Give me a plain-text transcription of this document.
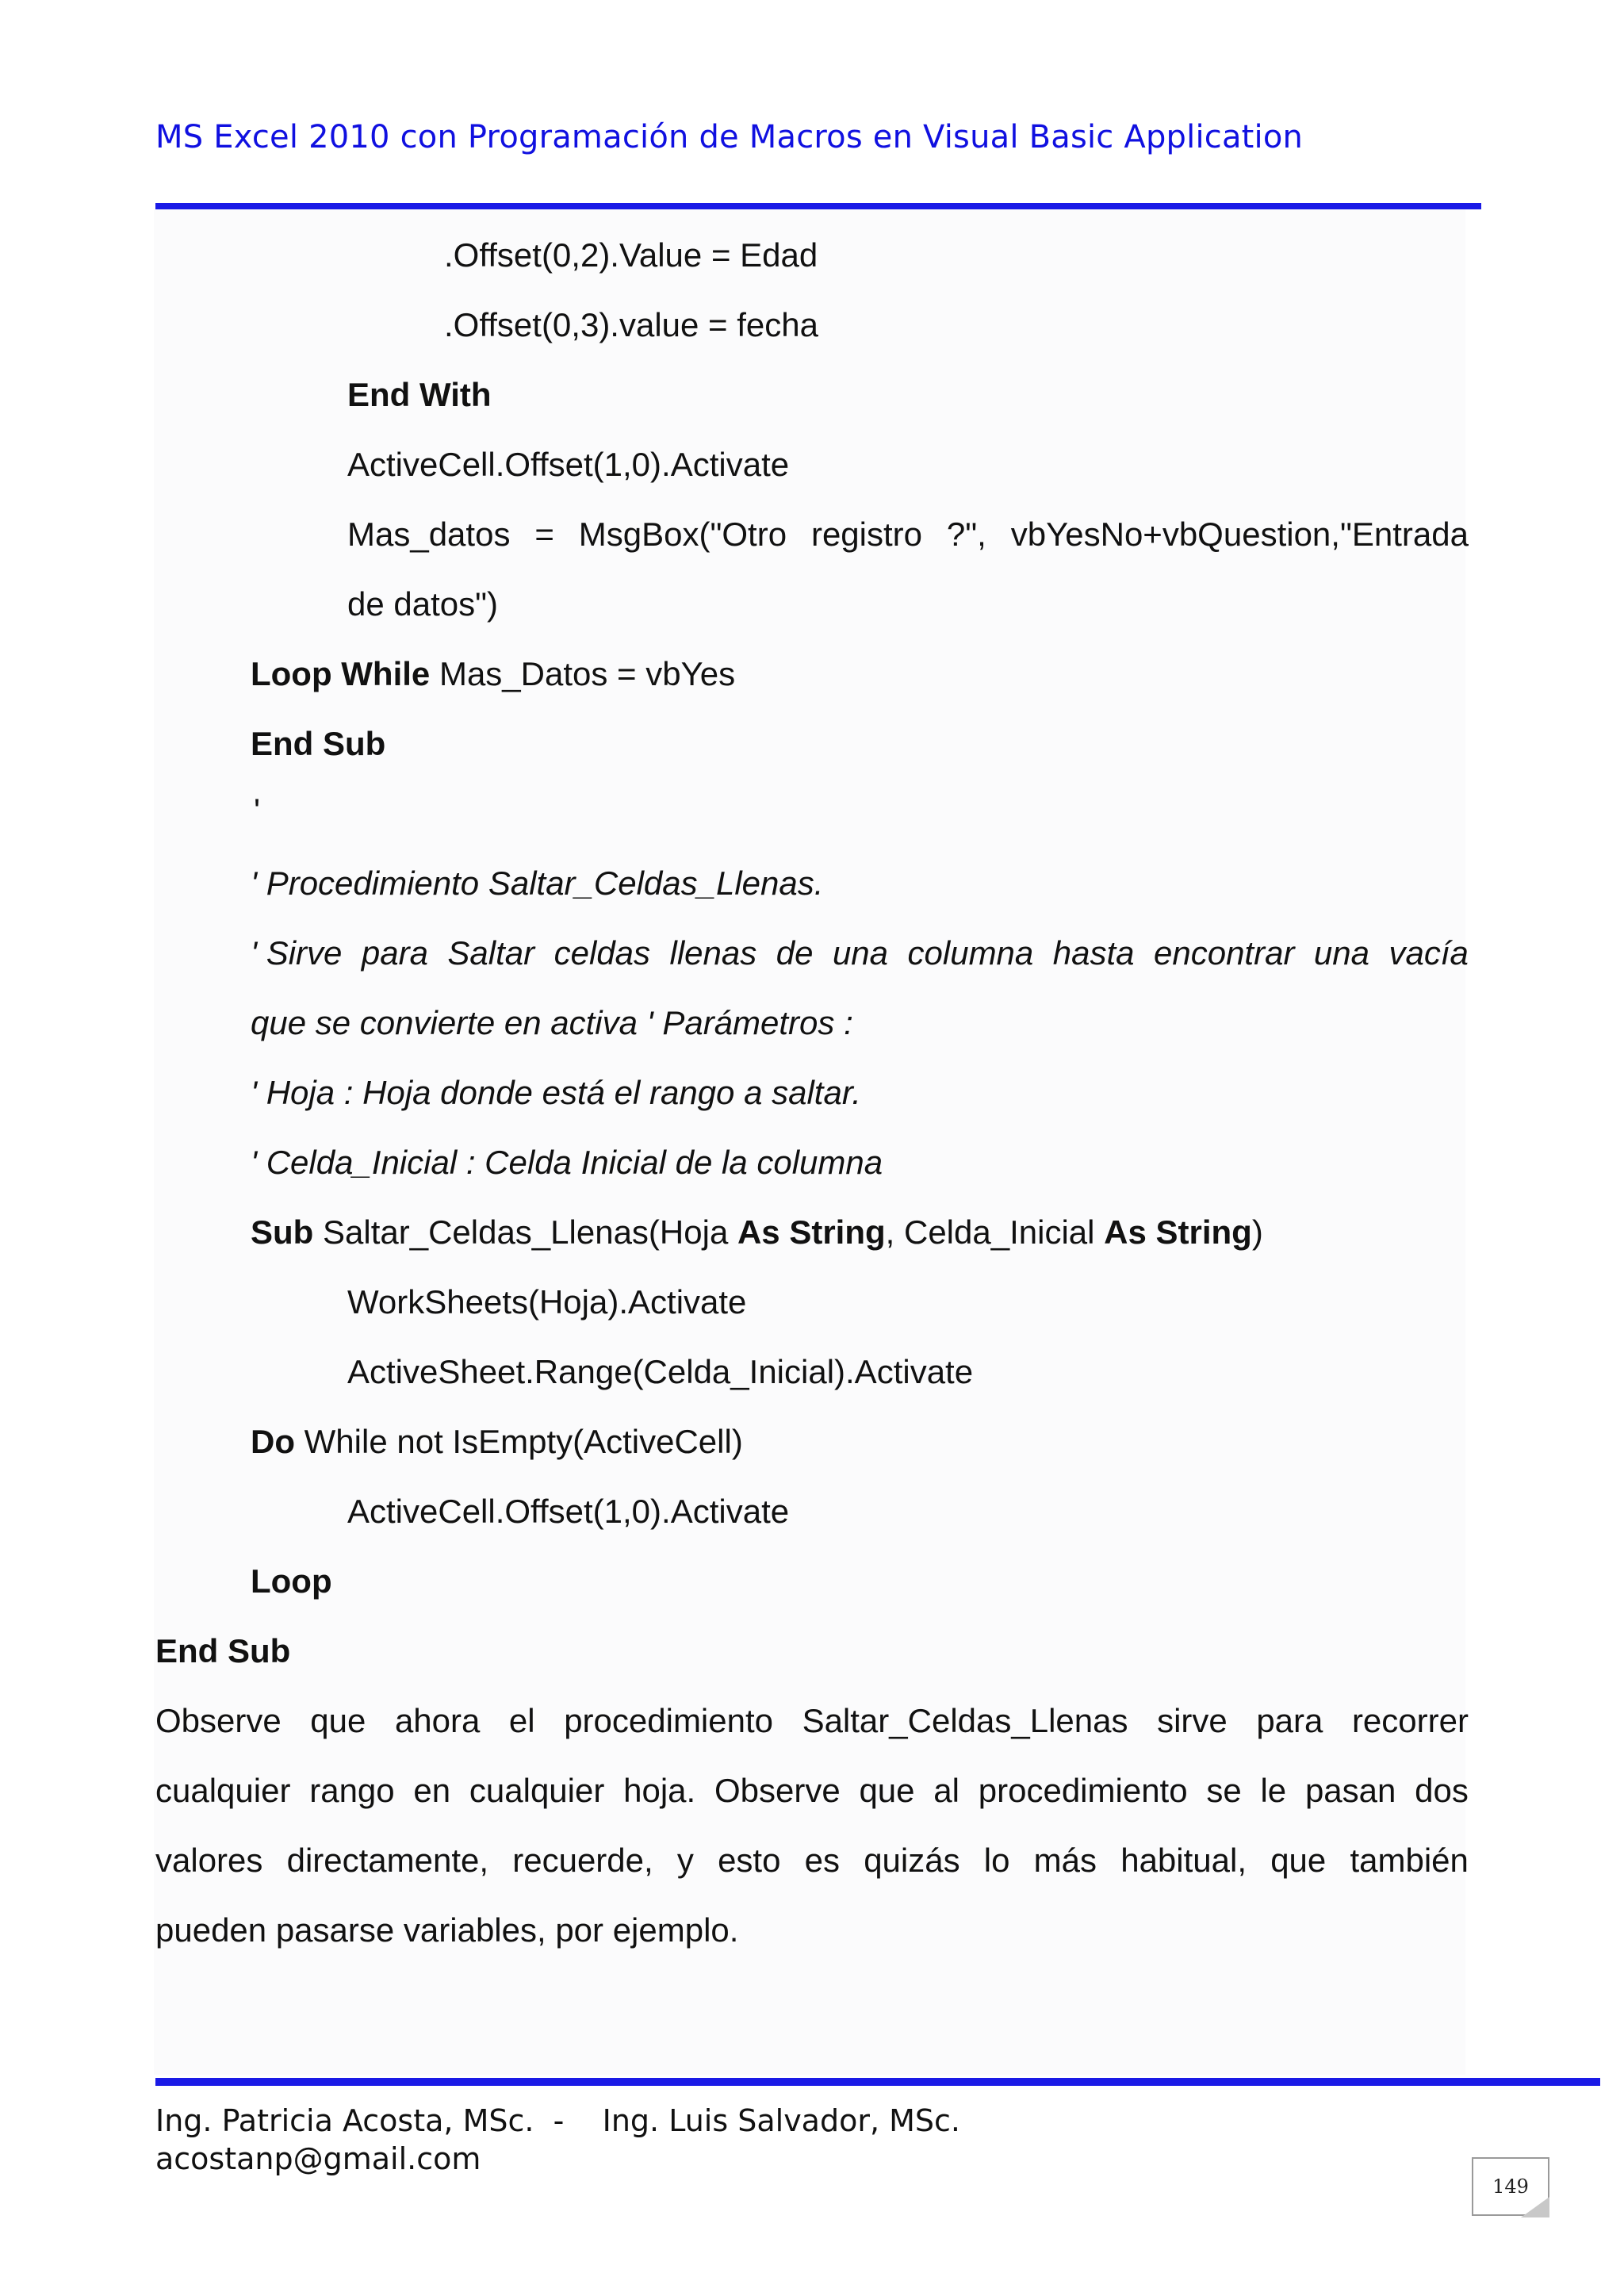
MS Excel 2010 con Programación de Macros en Visual Basic Application
.Offset(0,2).Value = Edad
.Offset(0,3).value = fecha
End With
ActiveCell.Offset(1,0).Activate
Mas_datos = MsgBox("Otro registro ?", vbYesNo+vbQuestion,"Entrada
de datos")
Loop While Mas_Datos = vbYes
End Sub
'
' Procedimiento Saltar_Celdas_Llenas.
' Sirve para Saltar celdas llenas de una columna hasta encontrar una vacía
que se convierte en activa ' Parámetros :
' Hoja : Hoja donde está el rango a saltar.
' Celda_Inicial : Celda Inicial de la columna
Sub Saltar_Celdas_Llenas(Hoja As String, Celda_Inicial As String)
WorkSheets(Hoja).Activate
ActiveSheet.Range(Celda_Inicial).Activate
Do While not IsEmpty(ActiveCell)
ActiveCell.Offset(1,0).Activate
Loop
End Sub
Observe que ahora el procedimiento Saltar_Celdas_Llenas sirve para recorrer
cualquier rango en cualquier hoja. Observe que al procedimiento se le pasan dos
valores directamente, recuerde, y esto es quizás lo más habitual, que también
pueden pasarse variables, por ejemplo.
Ing. Patricia Acosta, MSc.  -    Ing. Luis Salvador, MSc.
acostanp@gmail.com
149
